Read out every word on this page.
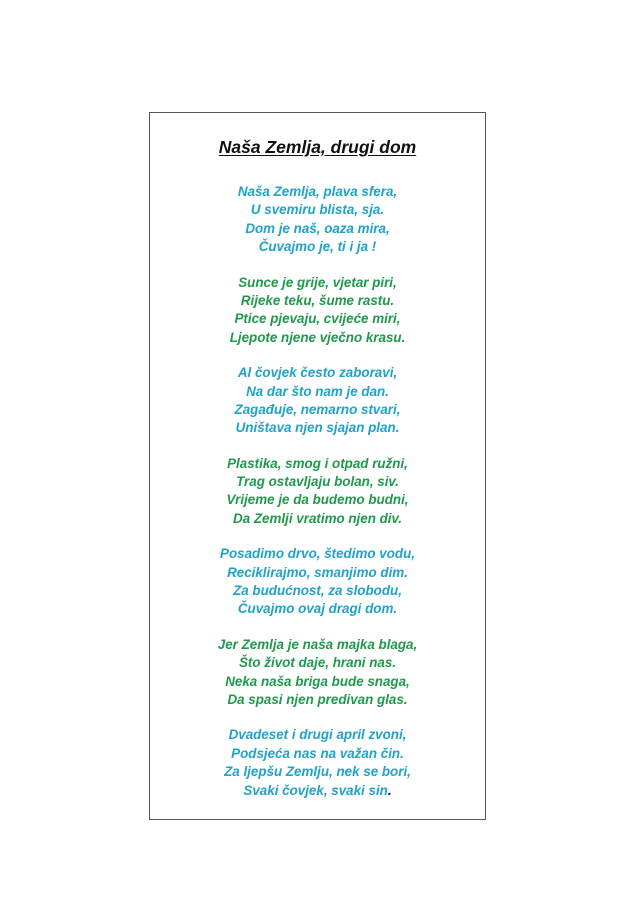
Naša Zemlja, drugi dom
Naša Zemlja, plava sfera,
U svemiru blista, sja.
Dom je naš, oaza mira,
Čuvajmo je, ti i ja !
Sunce je grije, vjetar piri,
Rijeke teku, šume rastu.
Ptice pjevaju, cvijeće miri,
Ljepote njene vječno krasu.
Al čovjek često zaboravi,
Na dar što nam je dan.
Zagađuje, nemarno stvari,
Uništava njen sjajan plan.
Plastika, smog i otpad ružni,
Trag ostavljaju bolan, siv.
Vrijeme je da budemo budni,
Da Zemlji vratimo njen div.
Posadimo drvo, štedimo vodu,
Reciklirajmo, smanjimo dim.
Za budućnost, za slobodu,
Čuvajmo ovaj dragi dom.
Jer Zemlja je naša majka blaga,
Što život daje, hrani nas.
Neka naša briga bude snaga,
Da spasi njen predivan glas.
Dvadeset i drugi april zvoni,
Podsjeća nas na važan čin.
Za ljepšu Zemlju, nek se bori,
Svaki čovjek, svaki sin.
